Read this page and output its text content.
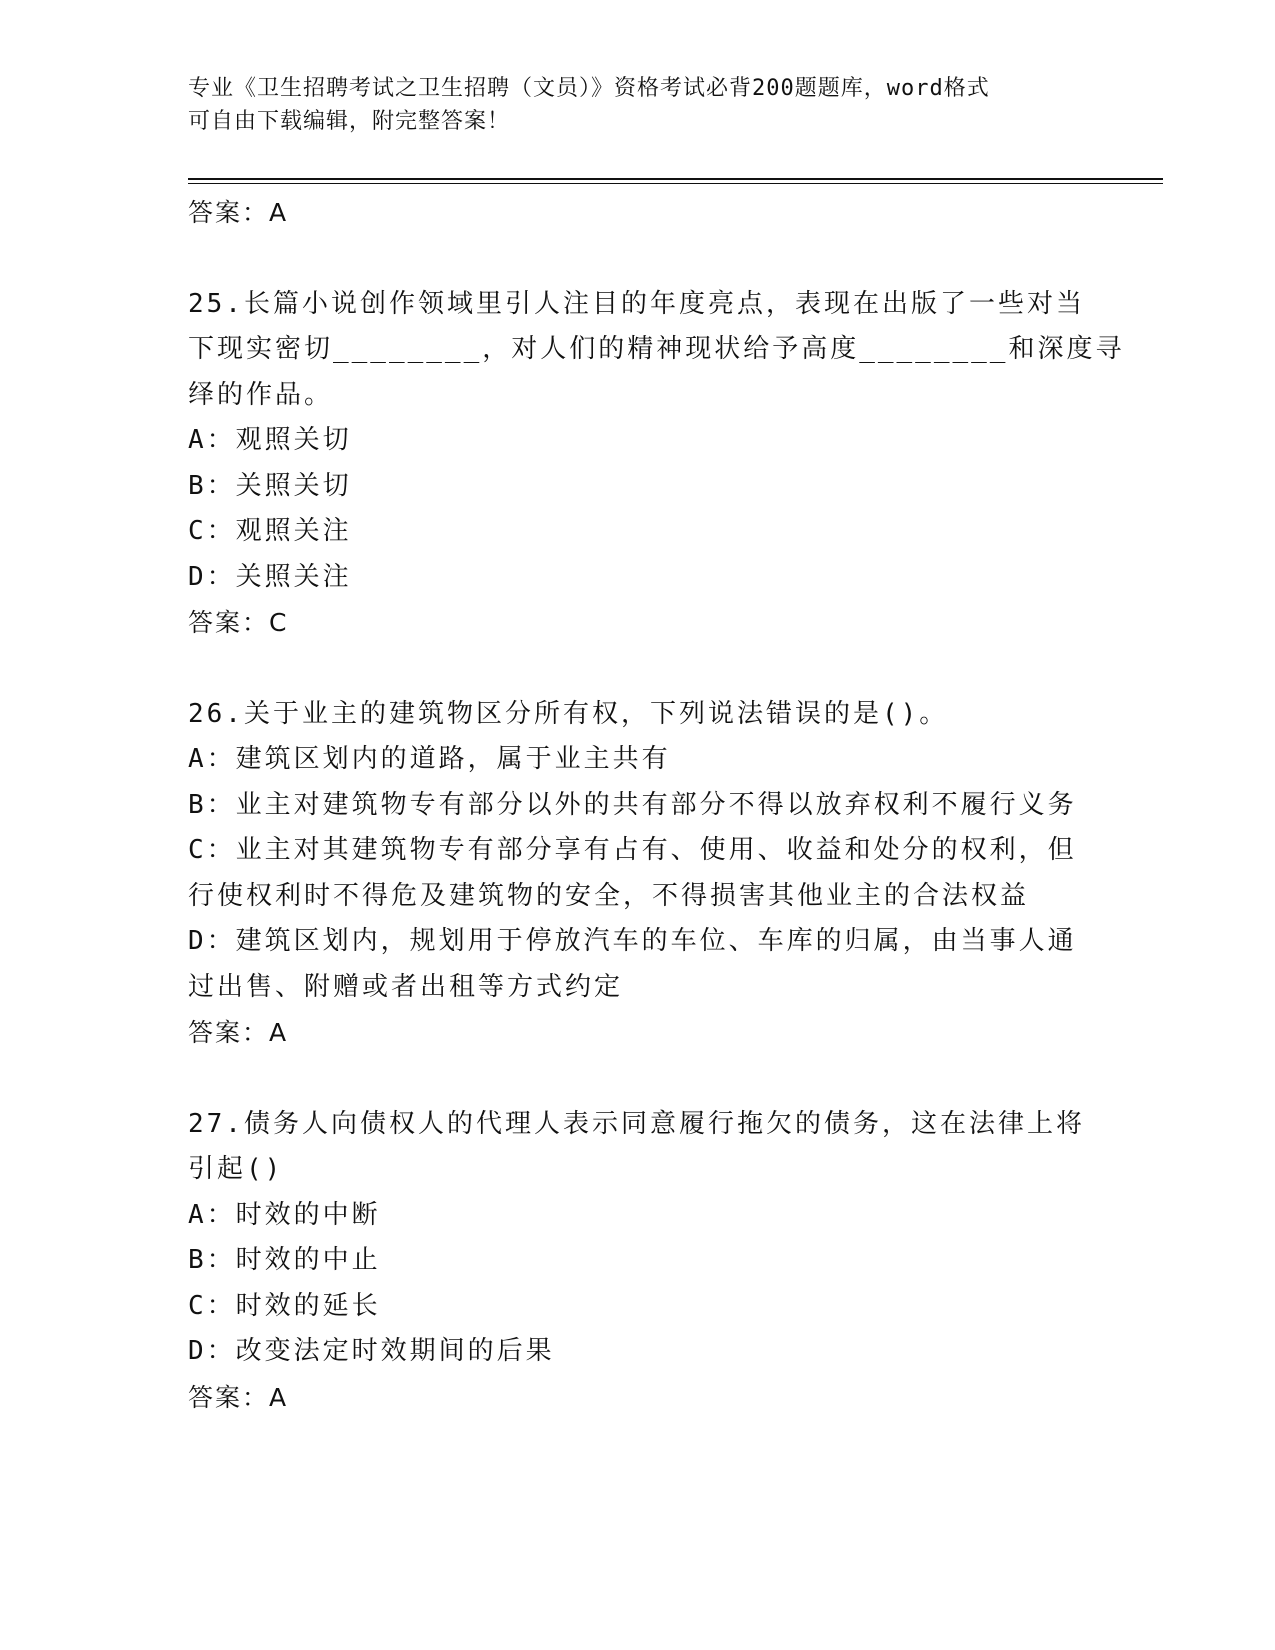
专业《卫生招聘考试之卫生招聘（文员）》资格考试必背200题题库，word格式
可自由下载编辑，附完整答案！
答案：A
25.长篇小说创作领域里引人注目的年度亮点，表现在出版了一些对当
下现实密切________，对人们的精神现状给予高度________和深度寻
绎的作品。
A：观照关切
B：关照关切
C：观照关注
D：关照关注
答案：C
26.关于业主的建筑物区分所有权，下列说法错误的是()。
A：建筑区划内的道路，属于业主共有
B：业主对建筑物专有部分以外的共有部分不得以放弃权利不履行义务
C：业主对其建筑物专有部分享有占有、使用、收益和处分的权利，但
行使权利时不得危及建筑物的安全，不得损害其他业主的合法权益
D：建筑区划内，规划用于停放汽车的车位、车库的归属，由当事人通
过出售、附赠或者出租等方式约定
答案：A
27.债务人向债权人的代理人表示同意履行拖欠的债务，这在法律上将
引起()
A：时效的中断
B：时效的中止
C：时效的延长
D：改变法定时效期间的后果
答案：A
